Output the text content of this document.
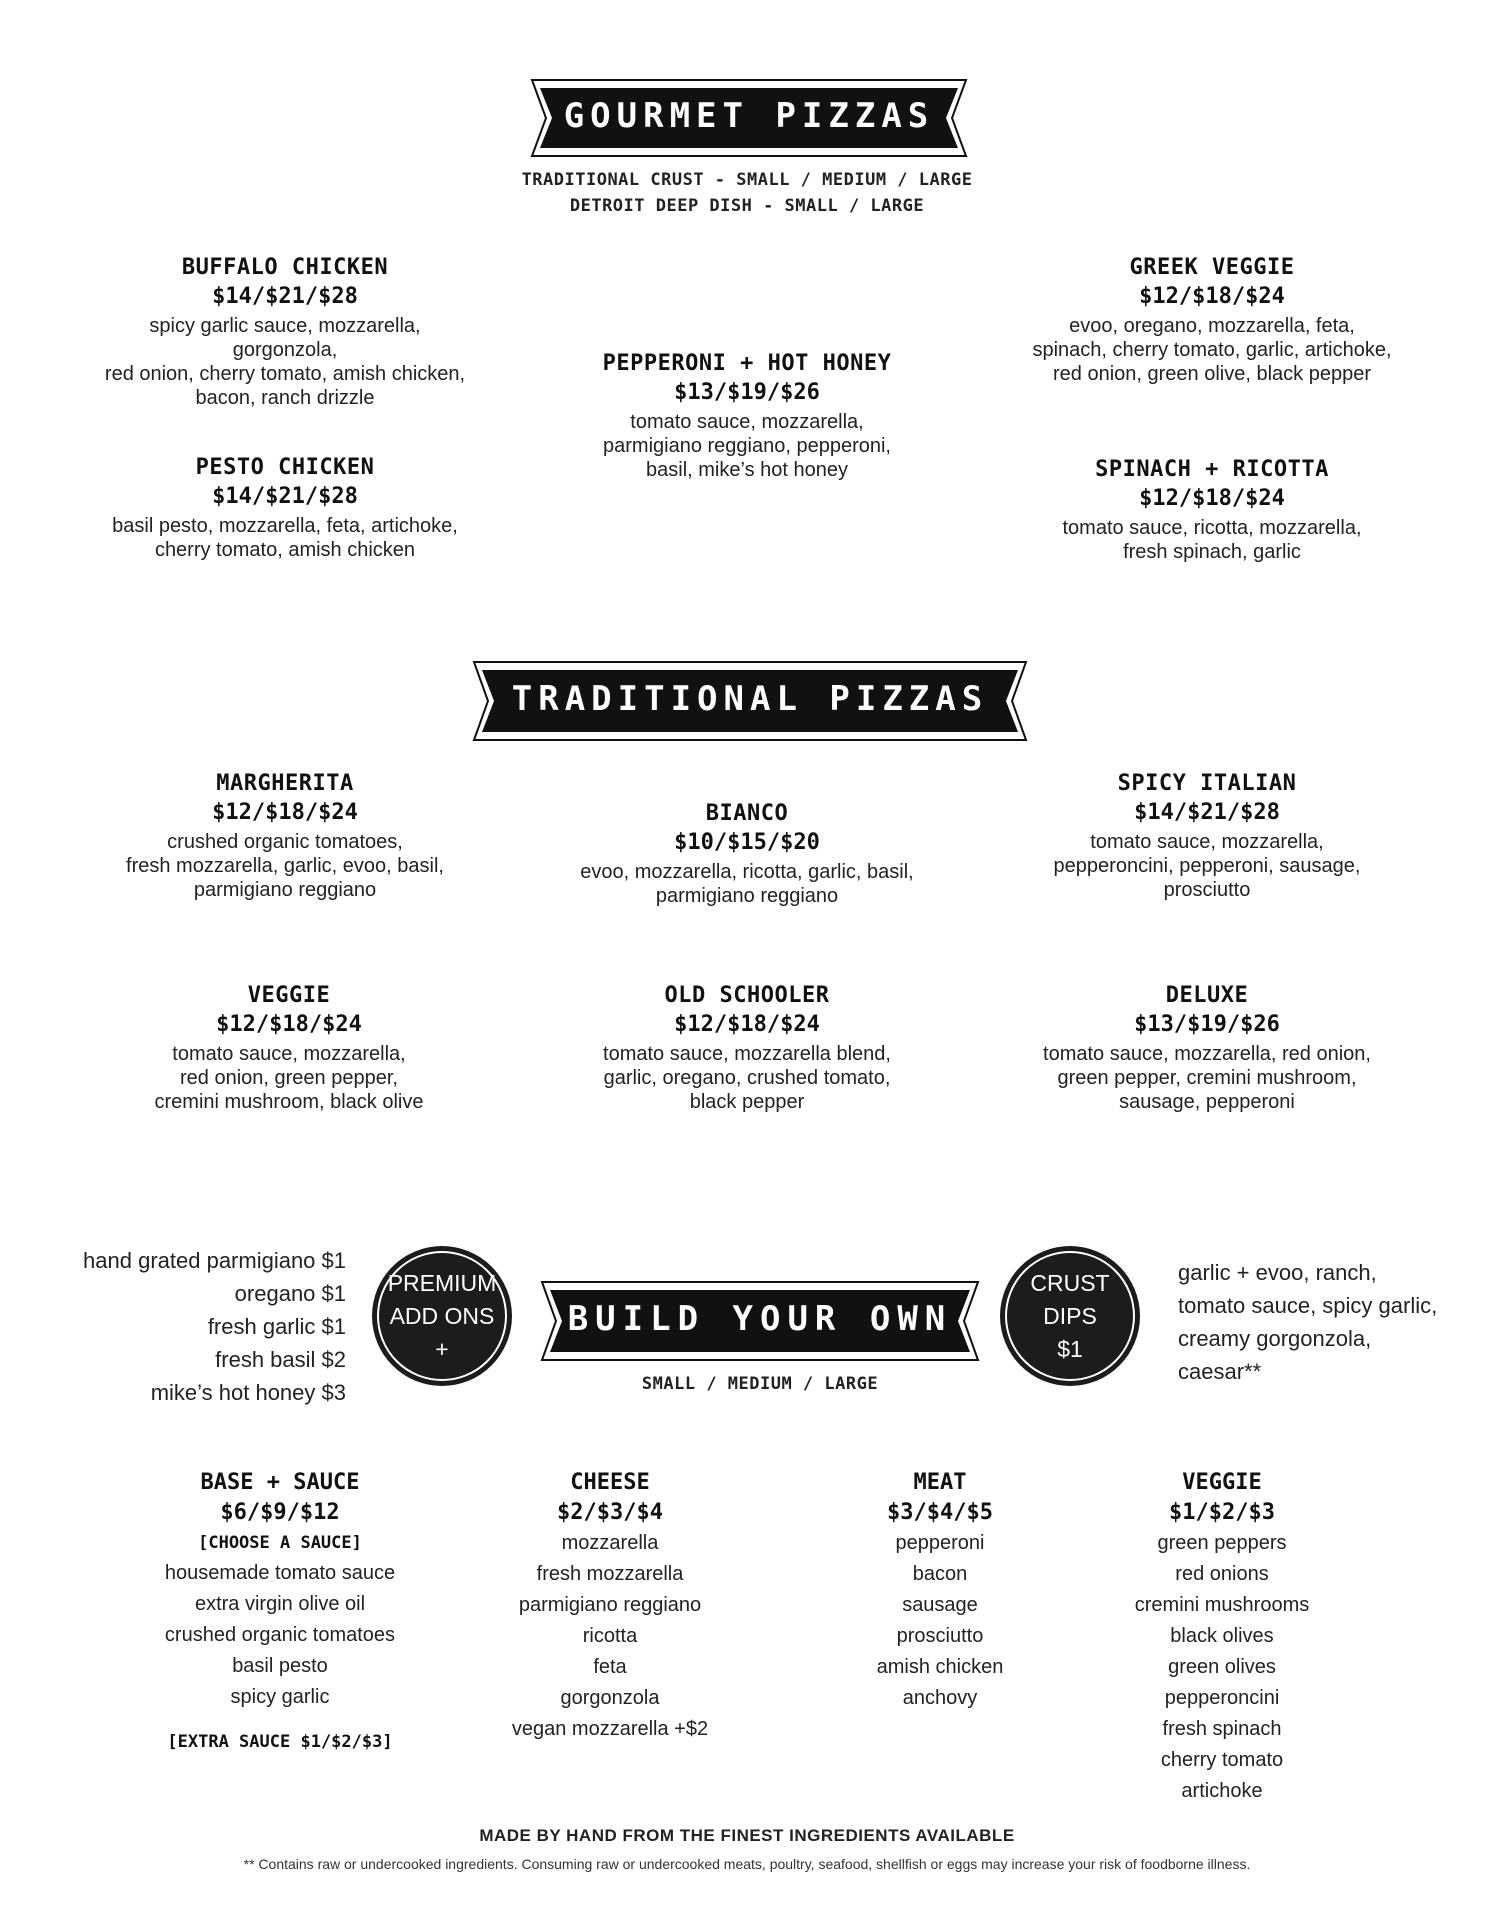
GOURMET PIZZAS
TRADITIONAL CRUST - SMALL / MEDIUM / LARGE
DETROIT DEEP DISH - SMALL / LARGE
BUFFALO CHICKEN
$14/$21/$28
spicy garlic sauce, mozzarella, gorgonzola,
red onion, cherry tomato, amish chicken,
bacon, ranch drizzle
PEPPERONI + HOT HONEY
$13/$19/$26
tomato sauce, mozzarella,
parmigiano reggiano, pepperoni,
basil, mike’s hot honey
GREEK VEGGIE
$12/$18/$24
evoo, oregano, mozzarella, feta,
spinach, cherry tomato, garlic, artichoke,
red onion, green olive, black pepper
PESTO CHICKEN
$14/$21/$28
basil pesto, mozzarella, feta, artichoke,
cherry tomato, amish chicken
SPINACH + RICOTTA
$12/$18/$24
tomato sauce, ricotta, mozzarella,
fresh spinach, garlic
TRADITIONAL PIZZAS
MARGHERITA
$12/$18/$24
crushed organic tomatoes,
fresh mozzarella, garlic, evoo, basil,
parmigiano reggiano
BIANCO
$10/$15/$20
evoo, mozzarella, ricotta, garlic, basil,
parmigiano reggiano
SPICY ITALIAN
$14/$21/$28
tomato sauce, mozzarella,
pepperoncini, pepperoni, sausage,
prosciutto
VEGGIE
$12/$18/$24
tomato sauce, mozzarella,
red onion, green pepper,
cremini mushroom, black olive
OLD SCHOOLER
$12/$18/$24
tomato sauce, mozzarella blend,
garlic, oregano, crushed tomato,
black pepper
DELUXE
$13/$19/$26
tomato sauce, mozzarella, red onion,
green pepper, cremini mushroom,
sausage, pepperoni
hand grated parmigiano $1
oregano $1
fresh garlic $1
fresh basil $2
mike’s hot honey $3
PREMIUM
ADD ONS
+
BUILD YOUR OWN
SMALL / MEDIUM / LARGE
CRUST
DIPS
$1
garlic + evoo, ranch,
tomato sauce, spicy garlic,
creamy gorgonzola,
caesar**
BASE + SAUCE
$6/$9/$12
[CHOOSE A SAUCE]
housemade tomato sauce
extra virgin olive oil
crushed organic tomatoes
basil pesto
spicy garlic
[EXTRA SAUCE $1/$2/$3]
CHEESE
$2/$3/$4
mozzarella
fresh mozzarella
parmigiano reggiano
ricotta
feta
gorgonzola
vegan mozzarella +$2
MEAT
$3/$4/$5
pepperoni
bacon
sausage
prosciutto
amish chicken
anchovy
VEGGIE
$1/$2/$3
green peppers
red onions
cremini mushrooms
black olives
green olives
pepperoncini
fresh spinach
cherry tomato
artichoke
MADE BY HAND FROM THE FINEST INGREDIENTS AVAILABLE
** Contains raw or undercooked ingredients. Consuming raw or undercooked meats, poultry, seafood, shellfish or eggs may increase your risk of foodborne illness.
